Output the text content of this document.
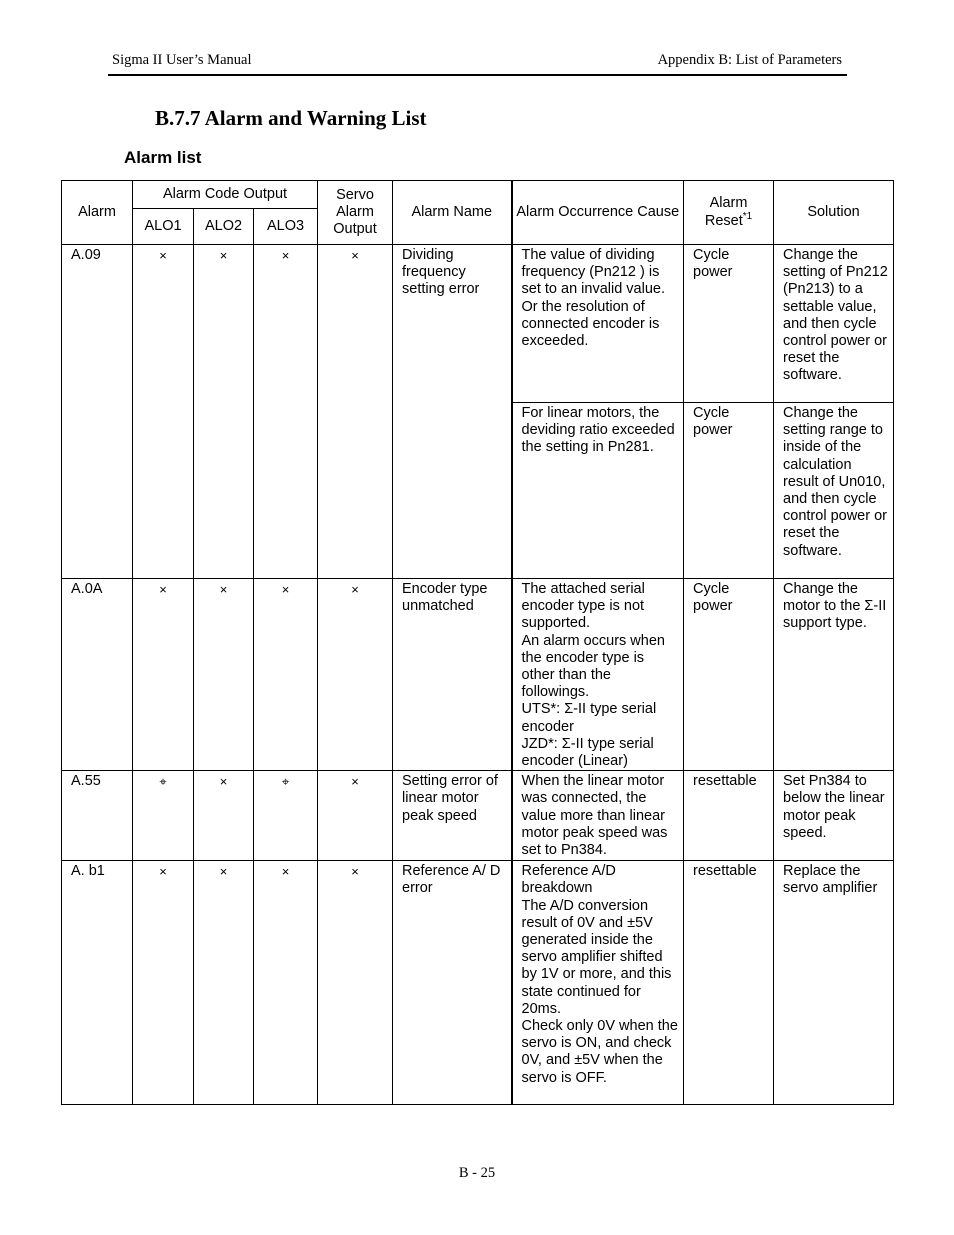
Sigma II User’s Manual	Appendix B: List of Parameters
B.7.7 Alarm and Warning List
Alarm list
Alarm	Alarm Code Output			Servo Alarm Output	Alarm Name	Alarm Occurrence Cause	Alarm Reset$^{*1}$	Solution
	ALO1	ALO2	ALO3					
A.09	×	×	×	×	Dividing frequency setting error	The value of dividing frequency (Pn212 ) is set to an invalid value. Or the resolution of connected encoder is exceeded.	Cycle power	Change the setting of Pn212 (Pn213) to a settable value, and then cycle control power or reset the software.
						For linear motors, the deviding ratio exceeded the setting in Pn281.	Cycle power	Change the setting range to inside of the calculation result of Un010, and then cycle control power or reset the software.
A.0A	×	×	×	×	Encoder type unmatched	The attached serial encoder type is not supported.
An alarm occurs when the encoder type is other than the followings.
UTS*: Σ-II type serial encoder
JZD*: Σ-II type serial encoder (Linear)	Cycle power	Change the motor to the Σ-II support type.
A.55	⌖	×	⌖	×	Setting error of linear motor peak speed	When the linear motor was connected, the value more than linear motor peak speed was set to Pn384.	resettable	Set Pn384 to below the linear motor peak speed.
A. b1	×	×	×	×	Reference A/ D error	Reference A/D breakdown
The A/D conversion result of 0V and ±5V generated inside the servo amplifier shifted by 1V or more, and this state continued for 20ms.
Check only 0V when the servo is ON, and check 0V, and ±5V when the servo is OFF.	resettable	Replace the servo amplifier
B - 25
